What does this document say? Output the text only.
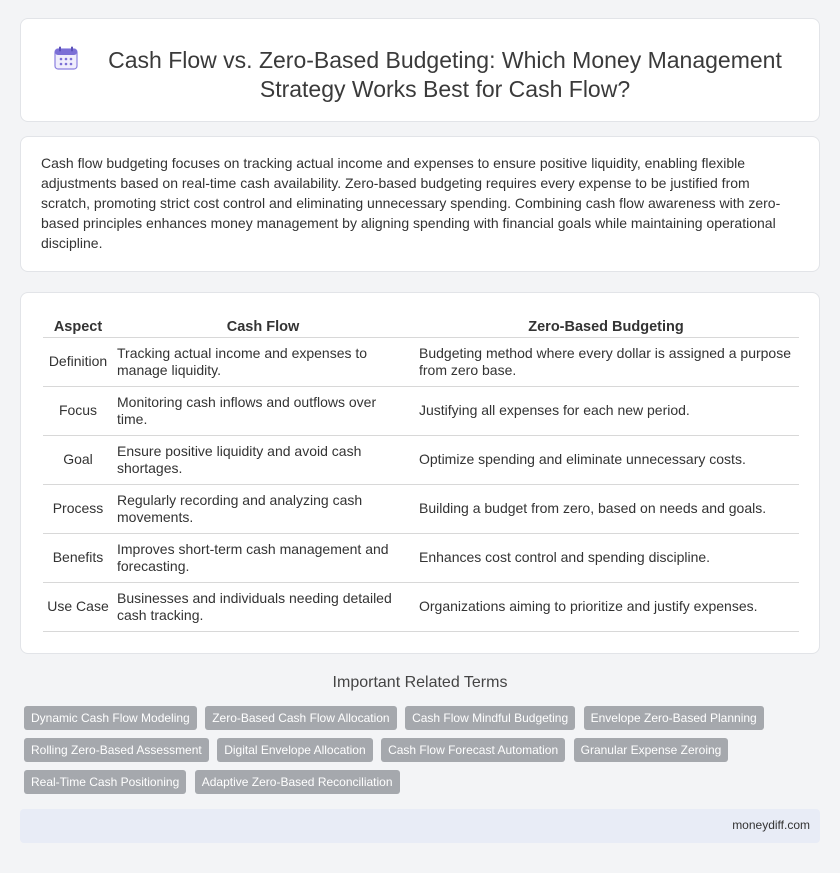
Cash Flow vs. Zero-Based Budgeting: Which Money Management Strategy Works Best for Cash Flow?

Cash flow budgeting focuses on tracking actual income and expenses to ensure positive liquidity, enabling flexible adjustments based on real-time cash availability. Zero-based budgeting requires every expense to be justified from scratch, promoting strict cost control and eliminating unnecessary spending. Combining cash flow awareness with zero-based principles enhances money management by aligning spending with financial goals while maintaining operational discipline.

Aspect	Cash Flow	Zero-Based Budgeting
Definition	Tracking actual income and expenses to manage liquidity.	Budgeting method where every dollar is assigned a purpose from zero base.
Focus	Monitoring cash inflows and outflows over time.	Justifying all expenses for each new period.
Goal	Ensure positive liquidity and avoid cash shortages.	Optimize spending and eliminate unnecessary costs.
Process	Regularly recording and analyzing cash movements.	Building a budget from zero, based on needs and goals.
Benefits	Improves short-term cash management and forecasting.	Enhances cost control and spending discipline.
Use Case	Businesses and individuals needing detailed cash tracking.	Organizations aiming to prioritize and justify expenses.
Important Related Terms
Dynamic Cash Flow Modeling Zero-Based Cash Flow Allocation Cash Flow Mindful Budgeting Envelope Zero-Based Planning Rolling Zero-Based Assessment Digital Envelope Allocation Cash Flow Forecast Automation Granular Expense Zeroing Real-Time Cash Positioning Adaptive Zero-Based Reconciliation
moneydiff.com
